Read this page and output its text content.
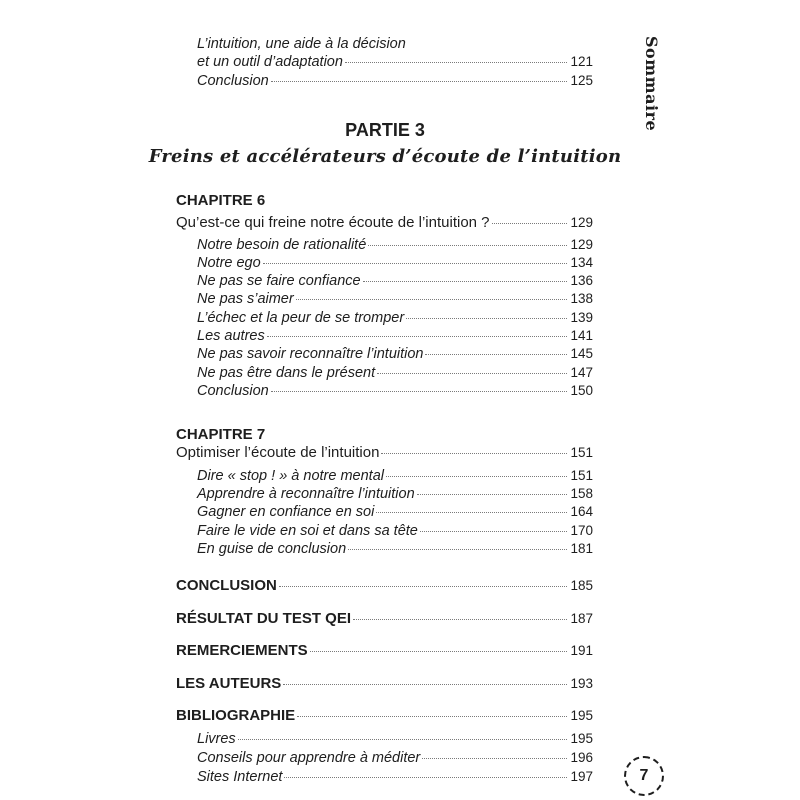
Sommaire
L’intuition, une aide à la décision
et un outil d’adaptation	121
Conclusion	125
PARTIE 3
Freins et accélérateurs d’écoute de l’intuition
CHAPITRE 6
Qu’est-ce qui freine notre écoute de l’intuition ?	129
Notre besoin de rationalité	129
Notre ego	134
Ne pas se faire confiance	136
Ne pas s’aimer	138
L’échec et la peur de se tromper	139
Les autres	141
Ne pas savoir reconnaître l’intuition	145
Ne pas être dans le présent	147
Conclusion	150
CHAPITRE 7
Optimiser l’écoute de l’intuition	151
Dire « stop ! » à notre mental	151
Apprendre à reconnaître l’intuition	158
Gagner en confiance en soi	164
Faire le vide en soi et dans sa tête	170
En guise de conclusion	181
CONCLUSION	185
RÉSULTAT DU TEST QEI	187
REMERCIEMENTS	191
LES AUTEURS	193
BIBLIOGRAPHIE	195
Livres	195
Conseils pour apprendre à méditer	196
Sites Internet	197	7
